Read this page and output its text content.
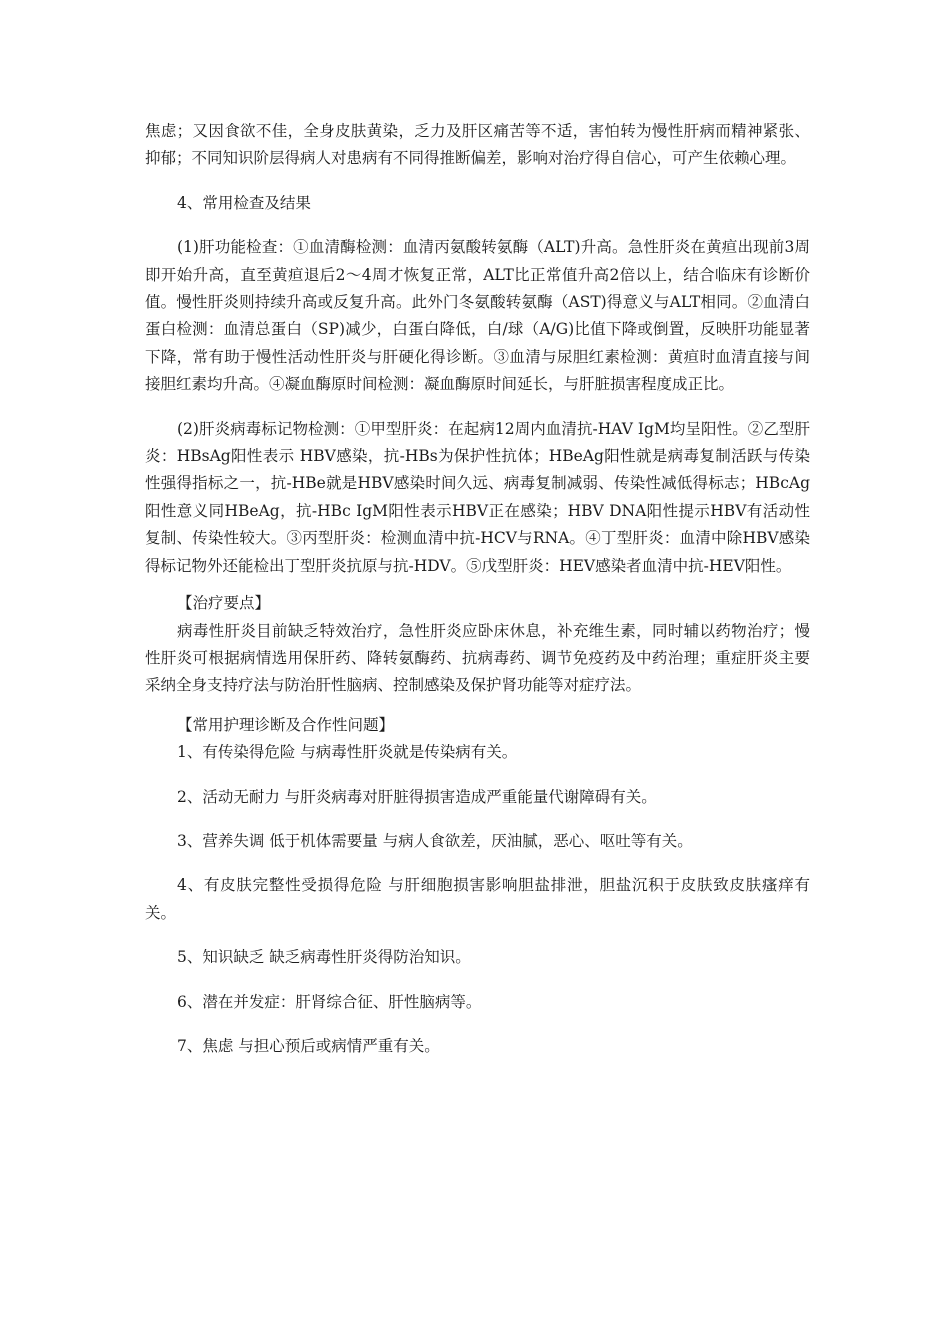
焦虑；又因食欲不佳，全身皮肤黄染，乏力及肝区痛苦等不适，害怕转为慢性肝病而精神紧张、抑郁；不同知识阶层得病人对患病有不同得推断偏差，影响对治疗得自信心，可产生依赖心理。

4、常用检查及结果

(1)肝功能检查：①血清酶检测：血清丙氨酸转氨酶（ALT)升高。急性肝炎在黄疸出现前3周即开始升高，直至黄疸退后2～4周才恢复正常，ALT比正常值升高2倍以上，结合临床有诊断价值。慢性肝炎则持续升高或反复升高。此外门冬氨酸转氨酶（AST)得意义与ALT相同。②血清白蛋白检测：血清总蛋白（SP)减少，白蛋白降低，白/球（A/G)比值下降或倒置，反映肝功能显著下降，常有助于慢性活动性肝炎与肝硬化得诊断。③血清与尿胆红素检测：黄疸时血清直接与间接胆红素均升高。④凝血酶原时间检测：凝血酶原时间延长，与肝脏损害程度成正比。

(2)肝炎病毒标记物检测：①甲型肝炎：在起病12周内血清抗-HAV IgM均呈阳性。②乙型肝炎：HBsAg阳性表示 HBV感染，抗-HBs为保护性抗体；HBeAg阳性就是病毒复制活跃与传染性强得指标之一，抗-HBe就是HBV感染时间久远、病毒复制减弱、传染性减低得标志；HBcAg阳性意义同HBeAg，抗-HBc IgM阳性表示HBV正在感染；HBV DNA阳性提示HBV有活动性复制、传染性较大。③丙型肝炎：检测血清中抗-HCV与RNA。④丁型肝炎：血清中除HBV感染得标记物外还能检出丁型肝炎抗原与抗-HDV。⑤戊型肝炎：HEV感染者血清中抗-HEV阳性。

【治疗要点】

病毒性肝炎目前缺乏特效治疗，急性肝炎应卧床休息，补充维生素，同时辅以药物治疗；慢性肝炎可根据病情选用保肝药、降转氨酶药、抗病毒药、调节免疫药及中药治理；重症肝炎主要采纳全身支持疗法与防治肝性脑病、控制感染及保护肾功能等对症疗法。

【常用护理诊断及合作性问题】

1、有传染得危险 与病毒性肝炎就是传染病有关。

2、活动无耐力 与肝炎病毒对肝脏得损害造成严重能量代谢障碍有关。

3、营养失调 低于机体需要量 与病人食欲差，厌油腻，恶心、呕吐等有关。

4、有皮肤完整性受损得危险 与肝细胞损害影响胆盐排泄，胆盐沉积于皮肤致皮肤瘙痒有关。

5、知识缺乏 缺乏病毒性肝炎得防治知识。

6、潜在并发症：肝肾综合征、肝性脑病等。

7、焦虑 与担心预后或病情严重有关。
